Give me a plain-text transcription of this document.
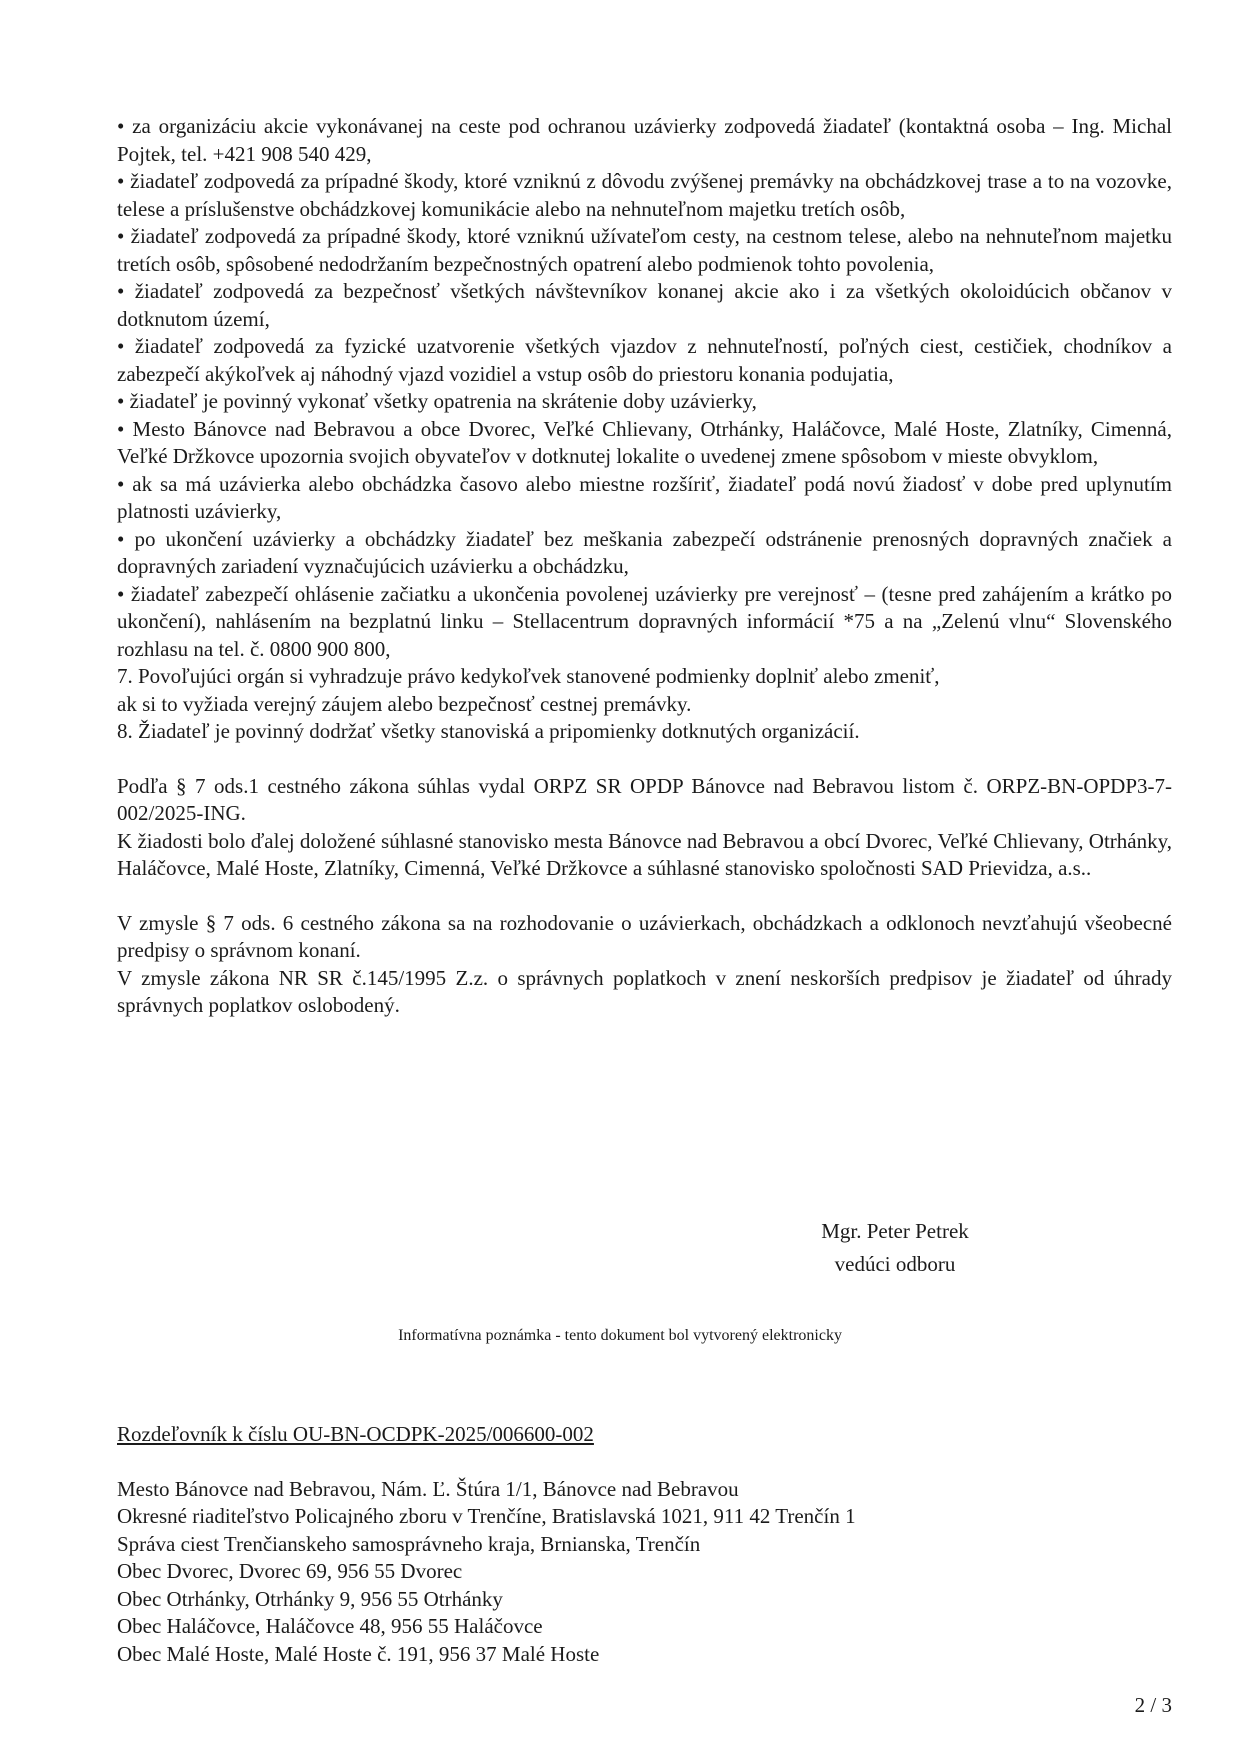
• za organizáciu akcie vykonávanej na ceste pod ochranou uzávierky zodpovedá žiadateľ (kontaktná osoba – Ing. Michal Pojtek, tel. +421 908 540 429,

• žiadateľ zodpovedá za prípadné škody, ktoré vzniknú z dôvodu zvýšenej premávky na obchádzkovej trase a to na vozovke, telese a príslušenstve obchádzkovej komunikácie alebo na nehnuteľnom majetku tretích osôb,

• žiadateľ zodpovedá za prípadné škody, ktoré vzniknú užívateľom cesty, na cestnom telese, alebo na nehnuteľnom majetku tretích osôb, spôsobené nedodržaním bezpečnostných opatrení alebo podmienok tohto povolenia,

• žiadateľ zodpovedá za bezpečnosť všetkých návštevníkov konanej akcie ako i za všetkých okoloidúcich občanov v dotknutom území,

• žiadateľ zodpovedá za fyzické uzatvorenie všetkých vjazdov z nehnuteľností, poľných ciest, cestičiek, chodníkov a zabezpečí akýkoľvek aj náhodný vjazd vozidiel a vstup osôb do priestoru konania podujatia,

• žiadateľ je povinný vykonať všetky opatrenia na skrátenie doby uzávierky,

• Mesto Bánovce nad Bebravou a obce Dvorec, Veľké Chlievany, Otrhánky, Haláčovce, Malé Hoste, Zlatníky, Cimenná, Veľké Držkovce upozornia svojich obyvateľov v dotknutej lokalite o uvedenej zmene spôsobom v mieste obvyklom,

• ak sa má uzávierka alebo obchádzka časovo alebo miestne rozšíriť, žiadateľ podá novú žiadosť v dobe pred uplynutím platnosti uzávierky,

• po ukončení uzávierky a obchádzky žiadateľ bez meškania zabezpečí odstránenie prenosných dopravných značiek a dopravných zariadení vyznačujúcich uzávierku a obchádzku,

• žiadateľ zabezpečí ohlásenie začiatku a ukončenia povolenej uzávierky pre verejnosť – (tesne pred zahájením a krátko po ukončení), nahlásením na bezplatnú linku – Stellacentrum dopravných informácií *75 a na „Zelenú vlnu“ Slovenského rozhlasu na tel. č. 0800 900 800,

7. Povoľujúci orgán si vyhradzuje právo kedykoľvek stanovené podmienky doplniť alebo zmeniť,

ak si to vyžiada verejný záujem alebo bezpečnosť cestnej premávky.

8. Žiadateľ je povinný dodržať všetky stanoviská a pripomienky dotknutých organizácií.

Podľa § 7 ods.1 cestného zákona súhlas vydal ORPZ SR OPDP Bánovce nad Bebravou listom č. ORPZ-BN-OPDP3-7-002/2025-ING.

K žiadosti bolo ďalej doložené súhlasné stanovisko mesta Bánovce nad Bebravou a obcí Dvorec, Veľké Chlievany, Otrhánky, Haláčovce, Malé Hoste, Zlatníky, Cimenná, Veľké Držkovce a súhlasné stanovisko spoločnosti SAD Prievidza, a.s..

V zmysle § 7 ods. 6 cestného zákona sa na rozhodovanie o uzávierkach, obchádzkach a odklonoch nevzťahujú všeobecné predpisy o správnom konaní.

V zmysle zákona NR SR č.145/1995 Z.z. o správnych poplatkoch v znení neskorších predpisov je žiadateľ od úhrady správnych poplatkov oslobodený.

Mgr. Peter Petrek
vedúci odboru
Informatívna poznámka - tento dokument bol vytvorený elektronicky

Rozdeľovník k číslu OU-BN-OCDPK-2025/006600-002

Mesto Bánovce nad Bebravou, Nám. Ľ. Štúra 1/1, Bánovce nad Bebravou
Okresné riaditeľstvo Policajného zboru v Trenčíne, Bratislavská 1021, 911 42 Trenčín 1
Správa ciest Trenčianskeho samosprávneho kraja, Brnianska, Trenčín
Obec Dvorec, Dvorec 69, 956 55 Dvorec
Obec Otrhánky, Otrhánky 9, 956 55 Otrhánky
Obec Haláčovce, Haláčovce 48, 956 55 Haláčovce
Obec Malé Hoste, Malé Hoste č. 191, 956 37 Malé Hoste
2 / 3
